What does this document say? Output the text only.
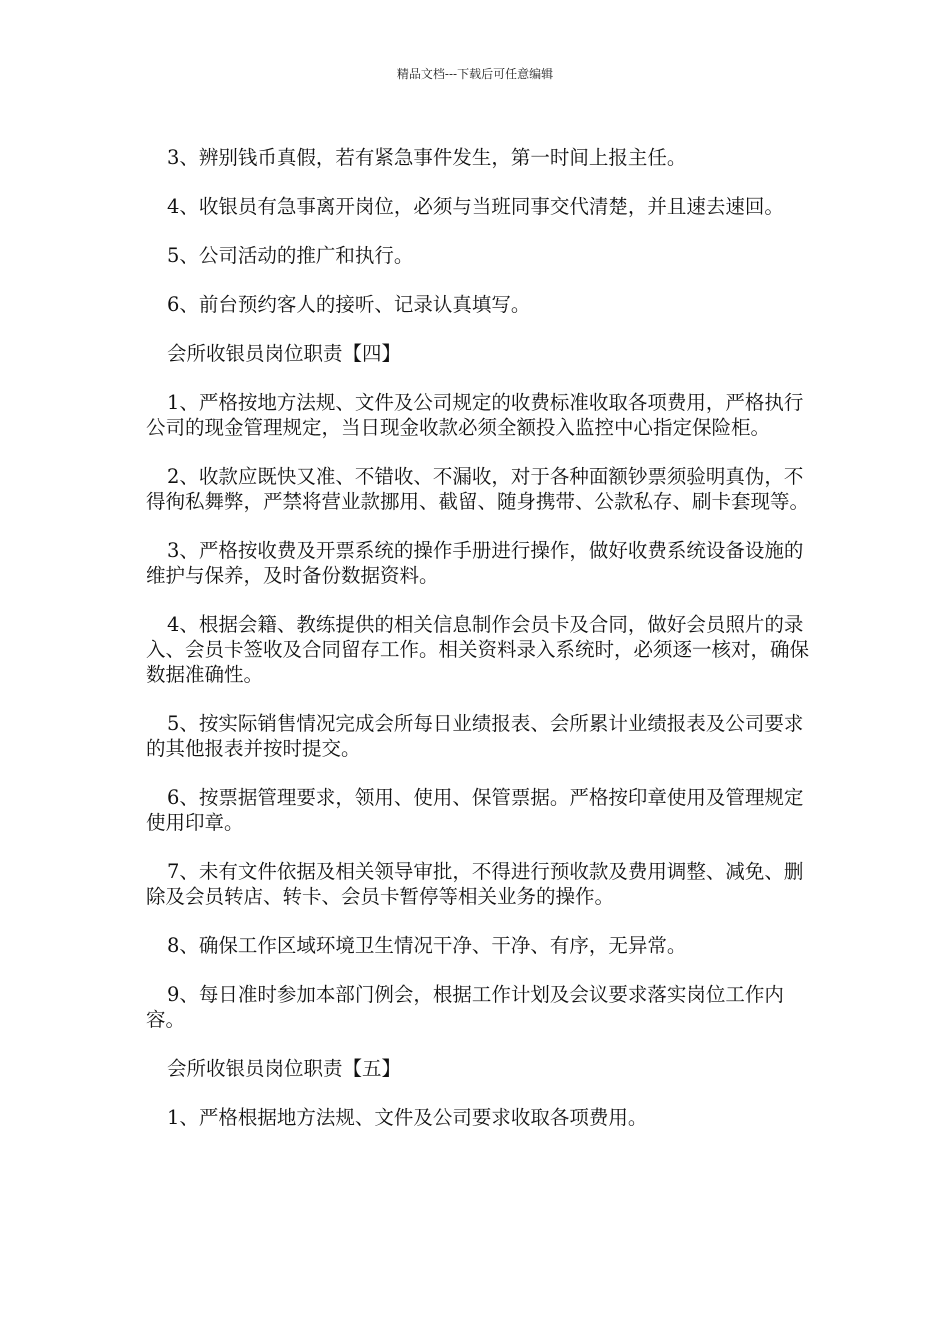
精品文档---下载后可任意编辑

3、辨别钱币真假，若有紧急事件发生，第一时间上报主任。

4、收银员有急事离开岗位，必须与当班同事交代清楚，并且速去速回。

5、公司活动的推广和执行。

6、前台预约客人的接听、记录认真填写。

会所收银员岗位职责【四】

1、严格按地方法规、文件及公司规定的收费标准收取各项费用，严格执行公司的现金管理规定，当日现金收款必须全额投入监控中心指定保险柜。

2、收款应既快又准、不错收、不漏收，对于各种面额钞票须验明真伪，不得徇私舞弊，严禁将营业款挪用、截留、随身携带、公款私存、刷卡套现等。

3、严格按收费及开票系统的操作手册进行操作，做好收费系统设备设施的维护与保养，及时备份数据资料。

4、根据会籍、教练提供的相关信息制作会员卡及合同，做好会员照片的录入、会员卡签收及合同留存工作。相关资料录入系统时，必须逐一核对，确保数据准确性。

5、按实际销售情况完成会所每日业绩报表、会所累计业绩报表及公司要求的其他报表并按时提交。

6、按票据管理要求，领用、使用、保管票据。严格按印章使用及管理规定使用印章。

7、未有文件依据及相关领导审批，不得进行预收款及费用调整、减免、删除及会员转店、转卡、会员卡暂停等相关业务的操作。

8、确保工作区域环境卫生情况干净、干净、有序，无异常。

9、每日准时参加本部门例会，根据工作计划及会议要求落实岗位工作内容。

会所收银员岗位职责【五】

1、严格根据地方法规、文件及公司要求收取各项费用。
